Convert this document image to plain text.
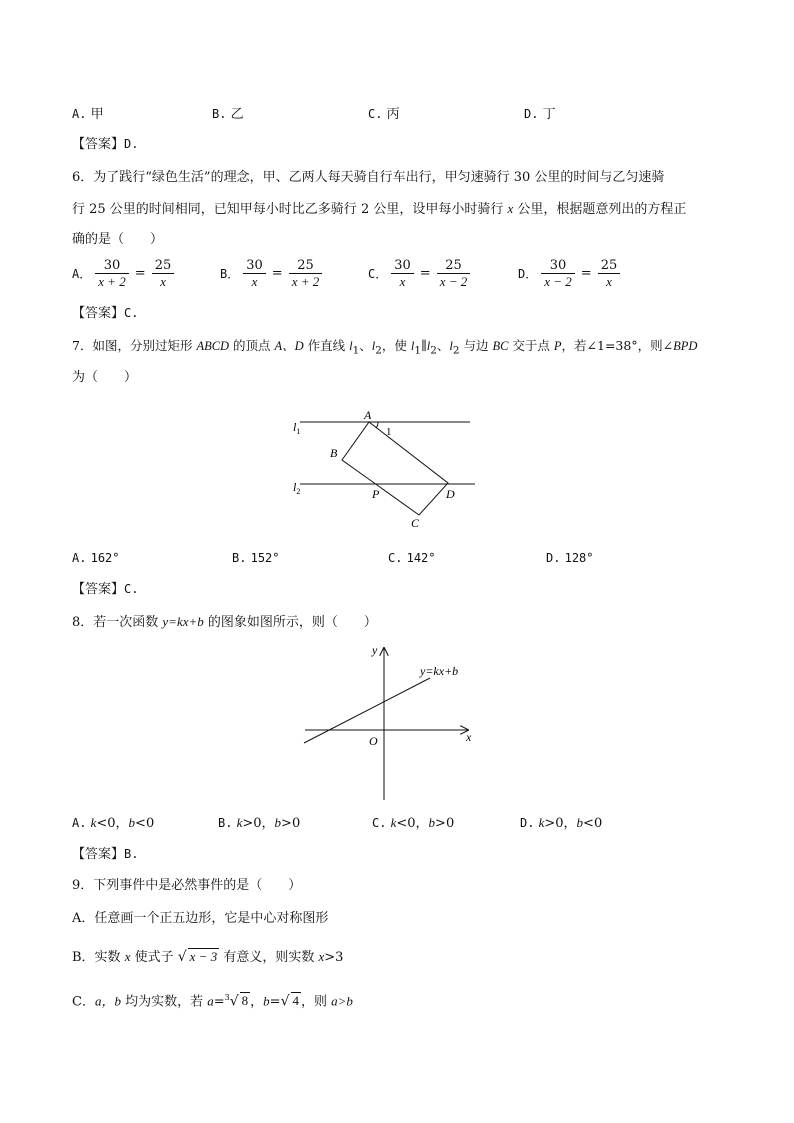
A. 甲	B. 乙	C. 丙	D. 丁
【答案】D.
6．为了践行“绿色生活”的理念，甲、乙两人每天骑自行车出行，甲匀速骑行 30 公里的时间与乙匀速骑
行 25 公里的时间相同，已知甲每小时比乙多骑行 2 公里，设甲每小时骑行 x 公里，根据题意列出的方程正
确的是（　　）
A． $\frac{30}{x + 2} = \frac{25}{x}$	B． $\frac{30}{x} = \frac{25}{x + 2}$	C． $\frac{30}{x} = \frac{25}{x - 2}$	D． $\frac{30}{x - 2} = \frac{25}{x}$
【答案】C.
7．如图，分别过矩形 ABCD 的顶点 A、D 作直线 $l_1$、$l_2$，使 $l_1\parallel l_2$、$l_2$ 与边 BC 交于点 P，若∠1=38°，则∠BPD
为（　　）
A
1
B
D
P
C
$l_1$
$l_2$
A. 162°	B. 152°	C. 142°	D. 128°
【答案】C.
8．若一次函数 y=kx+b 的图象如图所示，则（　　）
y
x
O
y=kx+b
A. k<0，b<0	B. k>0，b>0	C. k<0，b>0	D. k>0，b<0
【答案】B.
9．下列事件中是必然事件的是（　　）
A．任意画一个正五边形，它是中心对称图形
B．实数 x 使式子 √ x − 3 有意义，则实数 x>3
C．a，b 均为实数，若 a=$^3$√ 8 ，b=√ 4 ，则 a>b
